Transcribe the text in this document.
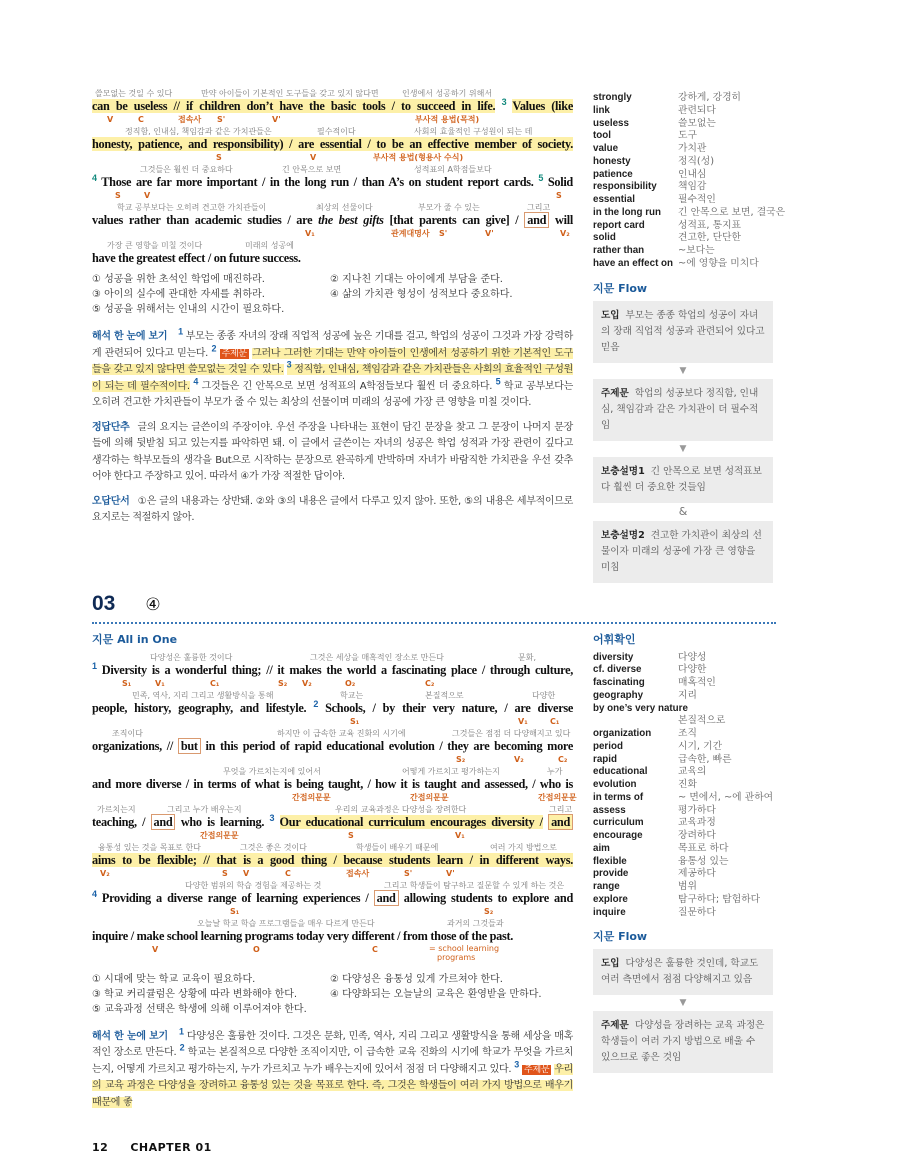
쓸모없는 것일 수 있다	만약 아이들이 기본적인 도구들을 갖고 있지 않다면	인생에서 성공하기 위해서
can be useless // if children don’t have the basic tools / to succeed in life. $^3$ Values (like
V	C	접속사	S'	V'	부사적 용법(목적)
정직함, 인내심, 책임감과 같은 가치관들은	필수적이다	사회의 효율적인 구성원이 되는 데
honesty, patience, and responsibility) / are essential / to be an effective member of society.
S	V	부사적 용법(형용사 수식)
그것들은 훨씬 더 중요하다	긴 안목으로 보면	성적표의 A학점들보다
$^4$ Those are far more important / in the long run / than A’s on student report cards. $^5$ Solid
S	V	S
학교 공부보다는 오히려 견고한 가치관들이	최상의 선물이다	부모가 줄 수 있는	그리고
values rather than academic studies / are the best gifts [that parents can give] / and will
V₁	관계대명사	S'	V'	V₂
가장 큰 영향을 미칠 것이다	미래의 성공에
have the greatest effect / on future success.
① 성공을 위한 초석인 학업에 매진하라.	② 지나친 기대는 아이에게 부담을 준다.
③ 아이의 실수에 관대한 자세를 취하라.	④ 삶의 가치관 형성이 성적보다 중요하다.
⑤ 성공을 위해서는 인내의 시간이 필요하다.
해석 한 눈에 보기 1 부모는 종종 자녀의 장래 직업적 성공에 높은 기대를 걸고, 학업의 성공이 그것과 가장 강력하게 관련되어 있다고 믿는다. 2 주제문 그러나 그러한 기대는 만약 아이들이 인생에서 성공하기 위한 기본적인 도구들을 갖고 있지 않다면 쓸모없는 것일 수 있다. 3 정직함, 인내심, 책임감과 같은 가치관들은 사회의 효율적인 구성원이 되는 데 필수적이다. 4 그것들은 긴 안목으로 보면 성적표의 A학점들보다 훨씬 더 중요하다. 5 학교 공부보다는 오히려 견고한 가치관들이 부모가 줄 수 있는 최상의 선물이며 미래의 성공에 가장 큰 영향을 미칠 것이다.
정답단추 글의 요지는 글쓴이의 주장이야. 우선 주장을 나타내는 표현이 담긴 문장을 찾고 그 문장이 나머지 문장들에 의해 뒷받침 되고 있는지를 파악하면 돼. 이 글에서 글쓴이는 자녀의 성공은 학업 성적과 가장 관련이 깊다고 생각하는 학부모들의 생각을 But으로 시작하는 문장으로 완곡하게 반박하며 자녀가 바람직한 가치관을 우선 갖추어야 한다고 주장하고 있어. 따라서 ④가 가장 적절한 답이야.
오답단서 ①은 글의 내용과는 상반돼. ②와 ③의 내용은 글에서 다루고 있지 않아. 또한, ⑤의 내용은 세부적이므로 요지로는 적절하지 않아.
strongly	강하게, 강경히
link	관련되다
useless	쓸모없는
tool	도구
value	가치관
honesty	정직(성)
patience	인내심
responsibility	책임감
essential	필수적인
in the long run	긴 안목으로 보면, 결국은
report card	성적표, 통지표
solid	견고한, 단단한
rather than	~보다는
have an effect on ~에 영향을 미치다
지문 Flow
도입 부모는 종종 학업의 성공이 자녀의 장래 직업적 성공과 관련되어 있다고 믿음
▼
주제문 학업의 성공보다 정직함, 인내심, 책임감과 같은 가치관이 더 필수적임
▼
보충설명1 긴 안목으로 보면 성적표보다 훨씬 더 중요한 것들임
&
보충설명2 견고한 가치관이 최상의 선물이자 미래의 성공에 가장 큰 영향을 미침
03 ④
지문 All in One
다양성은 훌륭한 것이다	그것은 세상을 매혹적인 장소로 만든다	문화,
$^1$ Diversity is a wonderful thing; // it makes the world a fascinating place / through culture,
S₁	V₁	C₁	S₂	V₂	O₂	C₂
민족, 역사, 지리 그리고 생활방식을 통해	학교는	본질적으로	다양한
people, history, geography, and lifestyle. $^2$ Schools, / by their very nature, / are diverse
S₁	V₁	C₁
조직이다	하지만 이 급속한 교육 진화의 시기에	그것들은 점점 더 다양해지고 있다
organizations, // but in this period of rapid educational evolution / they are becoming more
S₂	V₂	C₂
무엇을 가르치는지에 있어서	어떻게 가르치고 평가하는지	누가
and more diverse / in terms of what is being taught, / how it is taught and assessed, / who is
간접의문문	간접의문문	간접의문문
가르치는지	그리고 누가 배우는지	우리의 교육과정은 다양성을 장려한다	그리고
teaching, / and who is learning. $^3$ Our educational curriculum encourages diversity / and
간접의문문	S	V₁
융통성 있는 것을 목표로 한다	그것은 좋은 것이다	학생들이 배우기 때문에	여러 가지 방법으로
aims to be flexible; // that is a good thing / because students learn / in different ways.
V₂	S	V	C	접속사	S'	V'
다양한 범위의 학습 경험을 제공하는 것	그리고 학생들이 탐구하고 질문할 수 있게 하는 것은
$^4$ Providing a diverse range of learning experiences / and allowing students to explore and
S₁	S₂
오늘날 학교 학습 프로그램들을 매우 다르게 만든다	과거의 그것들과
inquire / make school learning programs today very different / from those of the past.
V	O	C	= school learning
programs
① 시대에 맞는 학교 교육이 필요하다.	② 다양성은 융통성 있게 가르쳐야 한다.
③ 학교 커리큘럼은 상황에 따라 변화해야 한다.	④ 다양화되는 오늘날의 교육은 환영받을 만하다.
⑤ 교육과정 선택은 학생에 의해 이루어져야 한다.
해석 한 눈에 보기 1 다양성은 훌륭한 것이다. 그것은 문화, 민족, 역사, 지리 그리고 생활방식을 통해 세상을 매혹적인 장소로 만든다. 2 학교는 본질적으로 다양한 조직이지만, 이 급속한 교육 진화의 시기에 학교가 무엇을 가르치는지, 어떻게 가르치고 평가하는지, 누가 가르치고 누가 배우는지에 있어서 점점 더 다양해지고 있다. 3 주제문 우리의 교육 과정은 다양성을 장려하고 융통성 있는 것을 목표로 한다. 즉, 그것은 학생들이 여러 가지 방법으로 배우기 때문에 좋
어휘확인
diversity	다양성
cf. diverse	다양한
fascinating	매혹적인
geography	지리
by one’s very nature
본질적으로
organization	조직
period	시기, 기간
rapid	급속한, 빠른
educational	교육의
evolution	진화
in terms of	~ 면에서, ~에 관하여
assess	평가하다
curriculum	교육과정
encourage	장려하다
aim	목표로 하다
flexible	융통성 있는
provide	제공하다
range	범위
explore	탐구하다; 탐험하다
inquire	질문하다
지문 Flow
도입 다양성은 훌륭한 것인데, 학교도 여러 측면에서 점점 다양해지고 있음
▼
주제문 다양성을 장려하는 교육 과정은 학생들이 여러 가지 방법으로 배울 수 있으므로 좋은 것임
12 CHAPTER 01
